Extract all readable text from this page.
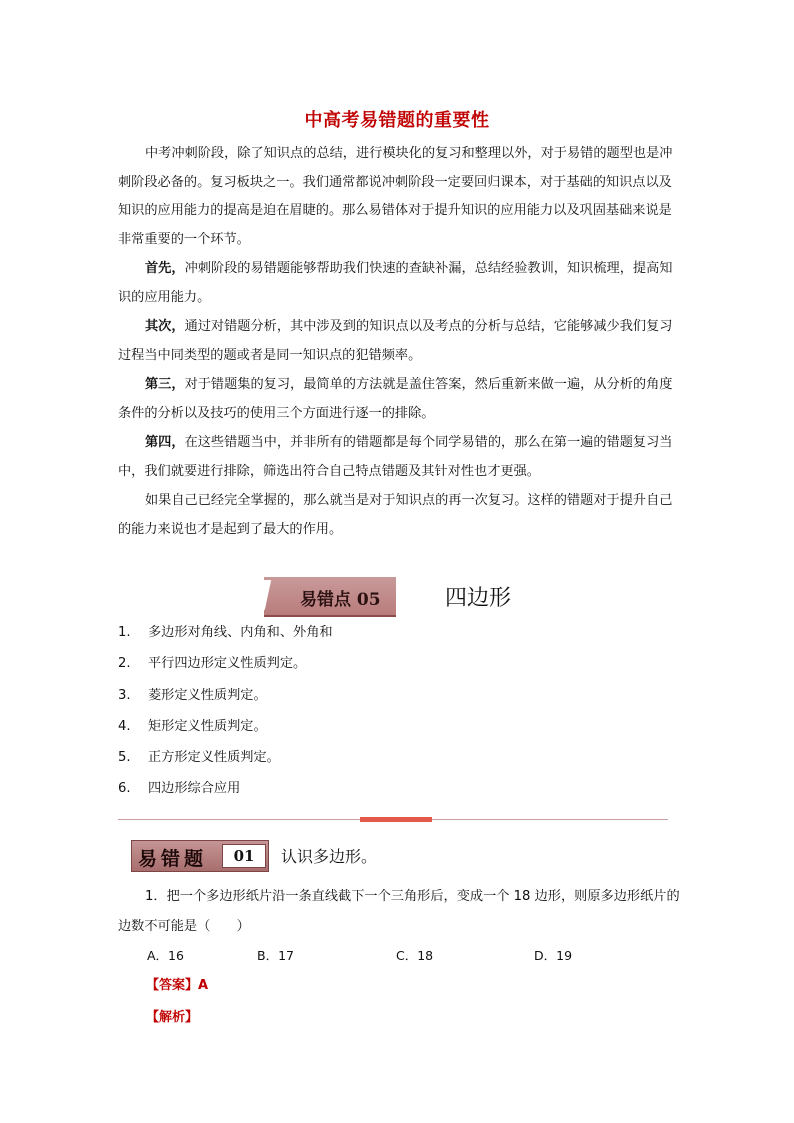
中高考易错题的重要性

中考冲刺阶段，除了知识点的总结，进行模块化的复习和整理以外，对于易错的题型也是冲刺阶段必备的。复习板块之一。我们通常都说冲刺阶段一定要回归课本，对于基础的知识点以及知识的应用能力的提高是迫在眉睫的。那么易错体对于提升知识的应用能力以及巩固基础来说是非常重要的一个环节。

首先，冲刺阶段的易错题能够帮助我们快速的查缺补漏，总结经验教训，知识梳理，提高知识的应用能力。

其次，通过对错题分析，其中涉及到的知识点以及考点的分析与总结，它能够减少我们复习过程当中同类型的题或者是同一知识点的犯错频率。

第三，对于错题集的复习，最简单的方法就是盖住答案，然后重新来做一遍，从分析的角度条件的分析以及技巧的使用三个方面进行逐一的排除。

第四，在这些错题当中，并非所有的错题都是每个同学易错的，那么在第一遍的错题复习当中，我们就要进行排除，筛选出符合自己特点错题及其针对性也才更强。

如果自己已经完全掌握的，那么就当是对于知识点的再一次复习。这样的错题对于提升自己的能力来说也才是起到了最大的作用。

易错点 05	四边形
1.	多边形对角线、内角和、外角和
2.	平行四边形定义性质判定。
3.	菱形定义性质判定。
4.	矩形定义性质判定。
5.	正方形定义性质判定。
6.	四边形综合应用
易错题	01	认识多边形。
1．把一个多边形纸片沿一条直线截下一个三角形后，变成一个 18 边形，则原多边形纸片的边数不可能是（　　）
A．16	B．17	C．18	D．19
【答案】A
【解析】
